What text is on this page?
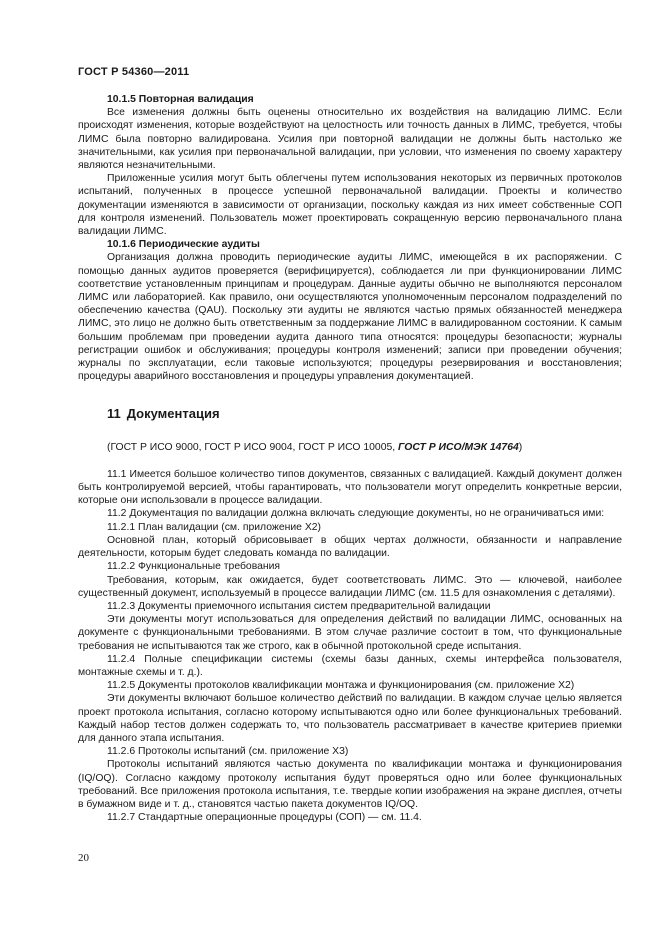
ГОСТ Р 54360—2011

10.1.5 Повторная валидация

Все изменения должны быть оценены относительно их воздействия на валидацию ЛИМС. Если происходят изменения, которые воздействуют на целостность или точность данных в ЛИМС, требуется, чтобы ЛИМС была повторно валидирована. Усилия при повторной валидации не должны быть настолько же значительными, как усилия при первоначальной валидации, при условии, что изменения по своему характеру являются незначительными.

Приложенные усилия могут быть облегчены путем использования некоторых из первичных протоколов испытаний, полученных в процессе успешной первоначальной валидации. Проекты и количество документации изменяются в зависимости от организации, поскольку каждая из них имеет собственные СОП для контроля изменений. Пользователь может проектировать сокращенную версию первоначального плана валидации ЛИМС.

10.1.6 Периодические аудиты

Организация должна проводить периодические аудиты ЛИМС, имеющейся в их распоряжении. С помощью данных аудитов проверяется (верифицируется), соблюдается ли при функционировании ЛИМС соответствие установленным принципам и процедурам. Данные аудиты обычно не выполняются персоналом ЛИМС или лабораторией. Как правило, они осуществляются уполномоченным персоналом подразделений по обеспечению качества (QAU). Поскольку эти аудиты не являются частью прямых обязанностей менеджера ЛИМС, это лицо не должно быть ответственным за поддержание ЛИМС в валидированном состоянии. К самым большим проблемам при проведении аудита данного типа относятся: процедуры безопасности; журналы регистрации ошибок и обслуживания; процедуры контроля изменений; записи при проведении обучения; журналы по эксплуатации, если таковые используются; процедуры резервирования и восстановления; процедуры аварийного восстановления и процедуры управления документацией.

11 Документация

(ГОСТ Р ИСО 9000, ГОСТ Р ИСО 9004, ГОСТ Р ИСО 10005, ГОСТ Р ИСО/МЭК 14764)

11.1 Имеется большое количество типов документов, связанных с валидацией. Каждый документ должен быть контролируемой версией, чтобы гарантировать, что пользователи могут определить конкретные версии, которые они использовали в процессе валидации.

11.2 Документация по валидации должна включать следующие документы, но не ограничиваться ими:

11.2.1 План валидации (см. приложение Х2)

Основной план, который обрисовывает в общих чертах должности, обязанности и направление деятельности, которым будет следовать команда по валидации.

11.2.2 Функциональные требования

Требования, которым, как ожидается, будет соответствовать ЛИМС. Это — ключевой, наиболее существенный документ, используемый в процессе валидации ЛИМС (см. 11.5 для ознакомления с деталями).

11.2.3 Документы приемочного испытания систем предварительной валидации

Эти документы могут использоваться для определения действий по валидации ЛИМС, основанных на документе с функциональными требованиями. В этом случае различие состоит в том, что функциональные требования не испытываются так же строго, как в обычной протокольной среде испытания.

11.2.4 Полные спецификации системы (схемы базы данных, схемы интерфейса пользователя, монтажные схемы и т. д.).

11.2.5 Документы протоколов квалификации монтажа и функционирования (см. приложение Х2)

Эти документы включают большое количество действий по валидации. В каждом случае целью является проект протокола испытания, согласно которому испытываются одно или более функциональных требований. Каждый набор тестов должен содержать то, что пользователь рассматривает в качестве критериев приемки для данного этапа испытания.

11.2.6 Протоколы испытаний (см. приложение Х3)

Протоколы испытаний являются частью документа по квалификации монтажа и функционирования (IQ/OQ). Согласно каждому протоколу испытания будут проверяться одно или более функциональных требований. Все приложения протокола испытания, т.е. твердые копии изображения на экране дисплея, отчеты в бумажном виде и т. д., становятся частью пакета документов IQ/OQ.

11.2.7 Стандартные операционные процедуры (СОП) — см. 11.4.

20
